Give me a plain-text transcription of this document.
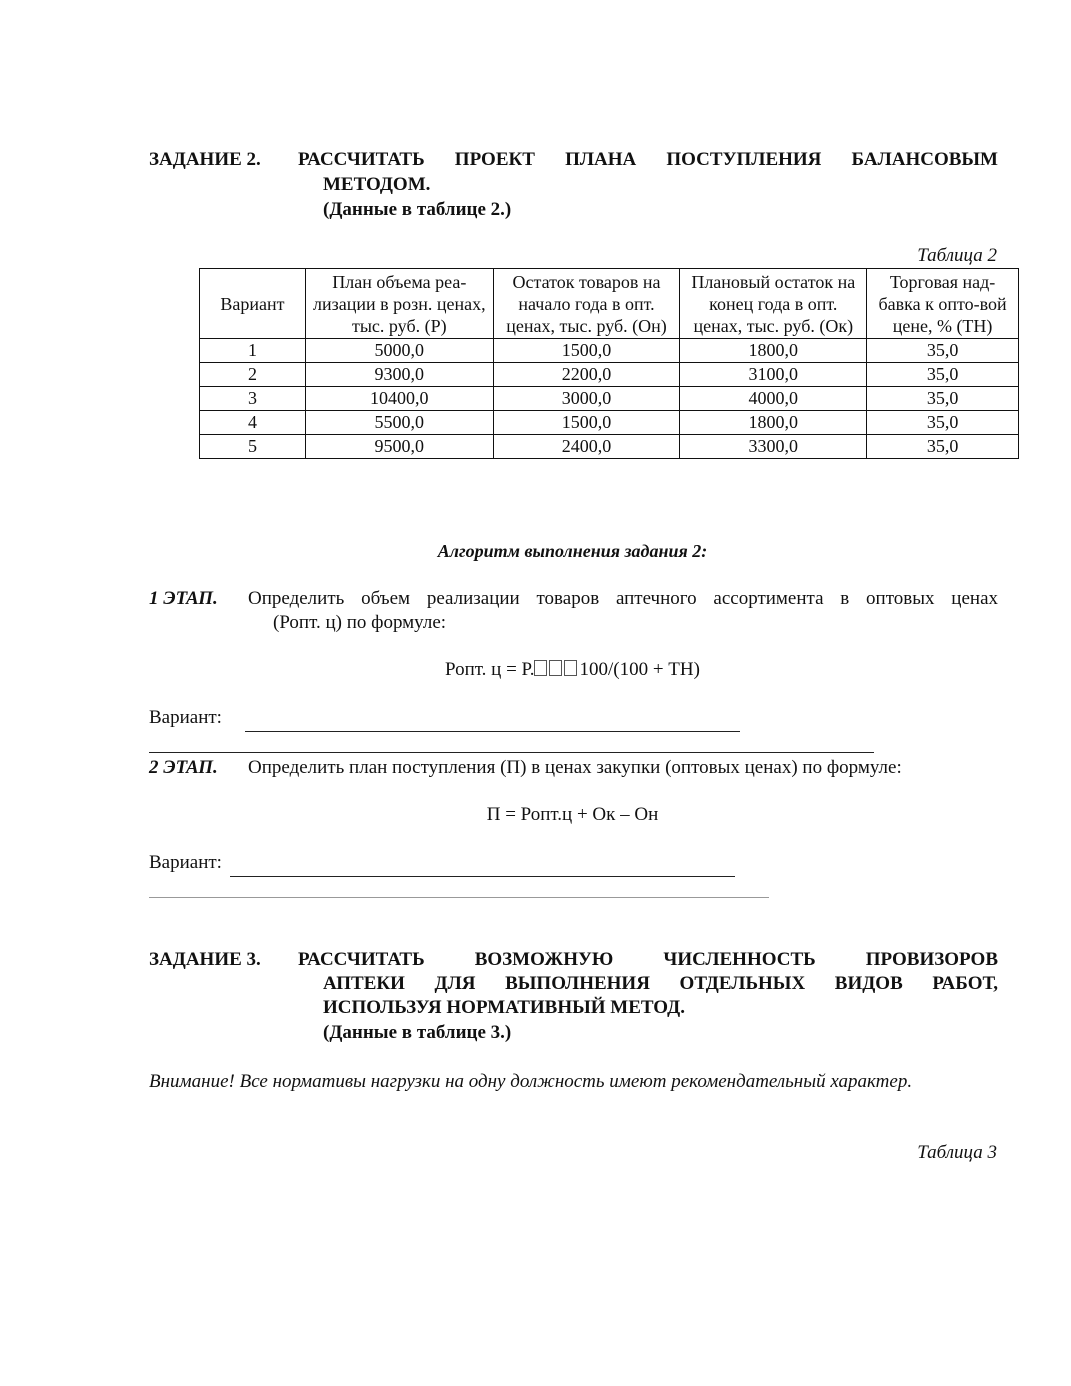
ЗАДАНИЕ 2. РАССЧИТАТЬ ПРОЕКТ ПЛАНА ПОСТУПЛЕНИЯ БАЛАНСОВЫМ
МЕТОДОМ.
(Данные в таблице 2.)
Таблица 2
Вариант	План объема реа-лизации в розн. ценах, тыс. руб. (Р)	Остаток товаров на начало года в опт. ценах, тыс. руб. (Он)	Плановый остаток на конец года в опт. ценах, тыс. руб. (Ок)	Торговая над-бавка к опто-вой цене, % (ТН)
1	5000,0	1500,0	1800,0	35,0
2	9300,0	2200,0	3100,0	35,0
3	10400,0	3000,0	4000,0	35,0
4	5500,0	1500,0	1800,0	35,0
5	9500,0	2400,0	3300,0	35,0
Алгоритм выполнения задания 2:
1 ЭТАП. Определить объем реализации товаров аптечного ассортимента в оптовых ценах
(Ропт. ц) по формуле:
Ропт. ц = Р. 100/(100 + ТН)
Вариант:
2 ЭТАП. Определить план поступления (П) в ценах закупки (оптовых ценах) по формуле:
П = Ропт.ц + Ок – Он
Вариант:
ЗАДАНИЕ 3. РАССЧИТАТЬ ВОЗМОЖНУЮ ЧИСЛЕННОСТЬ ПРОВИЗОРОВ
АПТЕКИ ДЛЯ ВЫПОЛНЕНИЯ ОТДЕЛЬНЫХ ВИДОВ РАБОТ,
ИСПОЛЬЗУЯ НОРМАТИВНЫЙ МЕТОД.
(Данные в таблице 3.)
Внимание! Все нормативы нагрузки на одну должность имеют рекомендательный характер.
Таблица 3
